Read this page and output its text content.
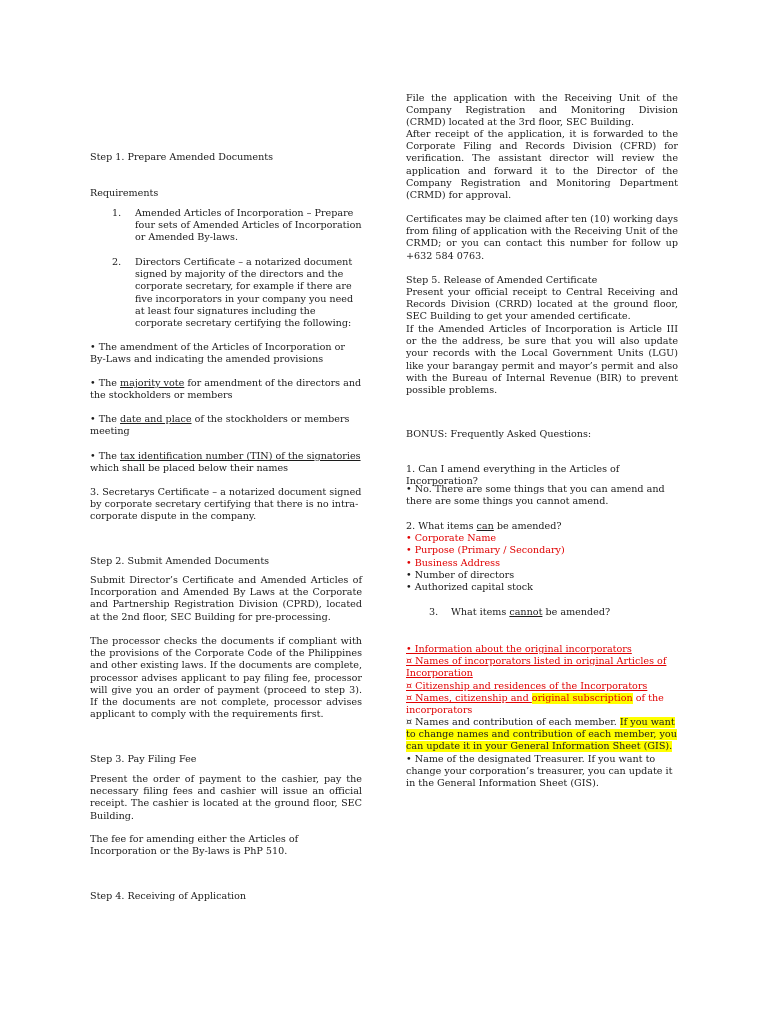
Step 1. Prepare Amended Documents

Requirements

1. Amended Articles of Incorporation – Prepare four sets of Amended Articles of Incorporation or Amended By-laws.
2. Directors Certificate – a notarized document signed by majority of the directors and the corporate secretary, for example if there are five incorporators in your company you need at least four signatures including the corporate secretary certifying the following:

• The amendment of the Articles of Incorporation or By-Laws and indicating the amended provisions

• The majority vote for amendment of the directors and the stockholders or members

• The date and place of the stockholders or members meeting

• The tax identification number (TIN) of the signatories which shall be placed below their names

3. Secretarys Certificate – a notarized document signed by corporate secretary certifying that there is no intra-corporate dispute in the company.

Step 2. Submit Amended Documents

Submit Director’s Certificate and Amended Articles of Incorporation and Amended By Laws at the Corporate and Partnership Registration Division (CPRD), located at the 2nd floor, SEC Building for pre-processing.

The processor checks the documents if compliant with the provisions of the Corporate Code of the Philippines and other existing laws. If the documents are complete, processor advises applicant to pay filing fee, processor will give you an order of payment (proceed to step 3). If the documents are not complete, processor advises applicant to comply with the requirements first.

Step 3. Pay Filing Fee

Present the order of payment to the cashier, pay the necessary filing fees and cashier will issue an official receipt. The cashier is located at the ground floor, SEC Building.

The fee for amending either the Articles of Incorporation or the By-laws is PhP 510.

Step 4. Receiving of Application

File the application with the Receiving Unit of the Company Registration and Monitoring Division (CRMD) located at the 3rd floor, SEC Building.

After receipt of the application, it is forwarded to the Corporate Filing and Records Division (CFRD) for verification. The assistant director will review the application and forward it to the Director of the Company Registration and Monitoring Department (CRMD) for approval.

Certificates may be claimed after ten (10) working days from filing of application with the Receiving Unit of the CRMD; or you can contact this number for follow up +632 584 0763.

Step 5. Release of Amended Certificate

Present your official receipt to Central Receiving and Records Division (CRRD) located at the ground floor, SEC Building to get your amended certificate.

If the Amended Articles of Incorporation is Article III or the the address, be sure that you will also update your records with the Local Government Units (LGU) like your barangay permit and mayor’s permit and also with the Bureau of Internal Revenue (BIR) to prevent possible problems.

BONUS: Frequently Asked Questions:

1. Can I amend everything in the Articles of Incorporation?

• No. There are some things that you can amend and there are some things you cannot amend.

2. What items can be amended?

• Corporate Name

• Purpose (Primary / Secondary)

• Business Address

• Number of directors

• Authorized capital stock

3. What items cannot be amended?

• Information about the original incorporators

¤ Names of incorporators listed in original Articles of Incorporation

¤ Citizenship and residences of the Incorporators

¤ Names, citizenship and original subscription of the incorporators

¤ Names and contribution of each member. If you want to change names and contribution of each member, you can update it in your General Information Sheet (GIS).

• Name of the designated Treasurer. If you want to change your corporation’s treasurer, you can update it in the General Information Sheet (GIS).
